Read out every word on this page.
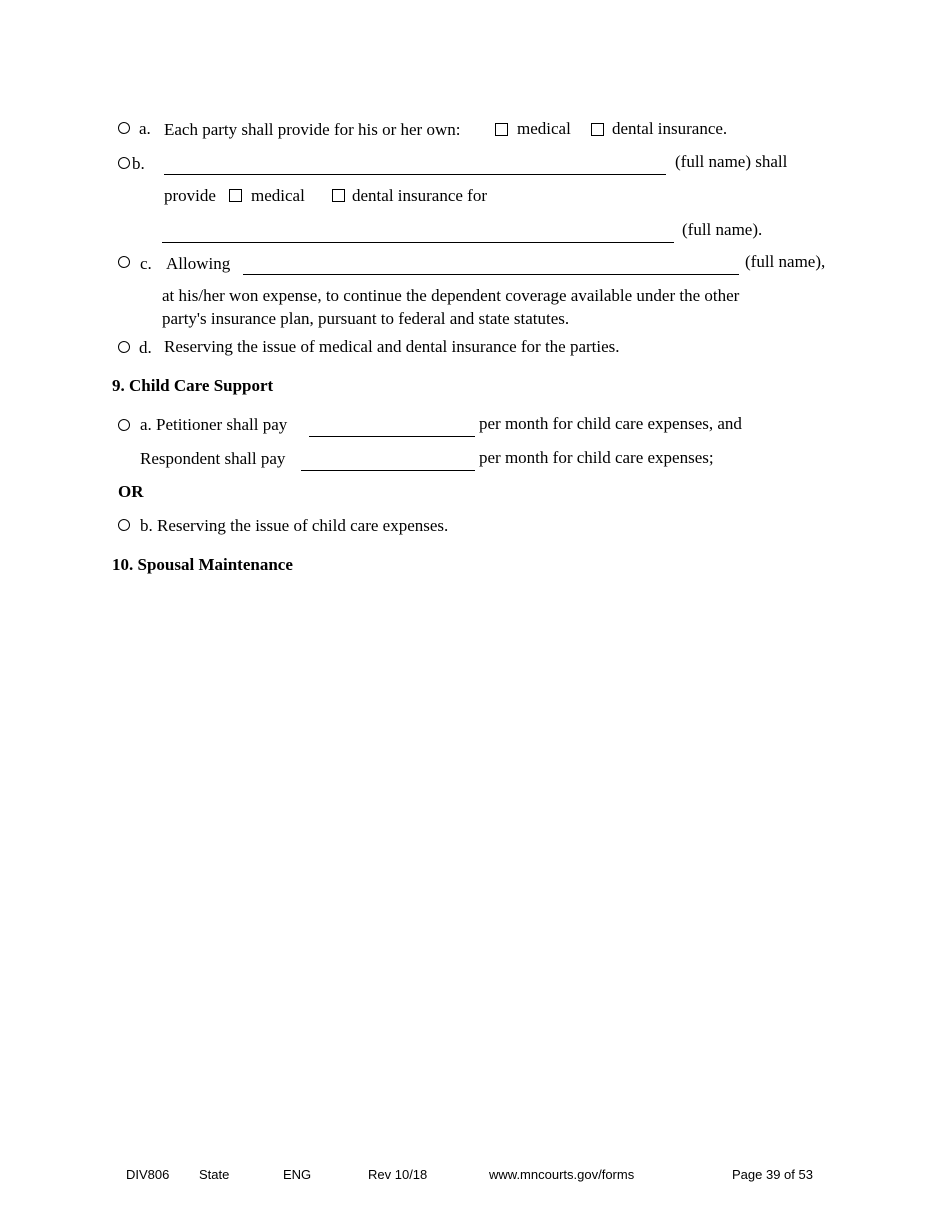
a. Each party shall provide for his or her own:	medical dental insurance.
b.	(full name) shall
provide medical	dental insurance for
(full name).
c. Allowing	(full name),
at his/her won expense, to continue the dependent coverage available under the other
party's insurance plan, pursuant to federal and state statutes.
d. Reserving the issue of medical and dental insurance for the parties.
9. Child Care Support
a. Petitioner shall pay	per month for child care expenses, and
Respondent shall pay	per month for child care expenses;
OR
b. Reserving the issue of child care expenses.
10. Spousal Maintenance
DIV806 State	ENG	Rev 10/18	www.mncourts.gov/forms	Page 39 of 53
